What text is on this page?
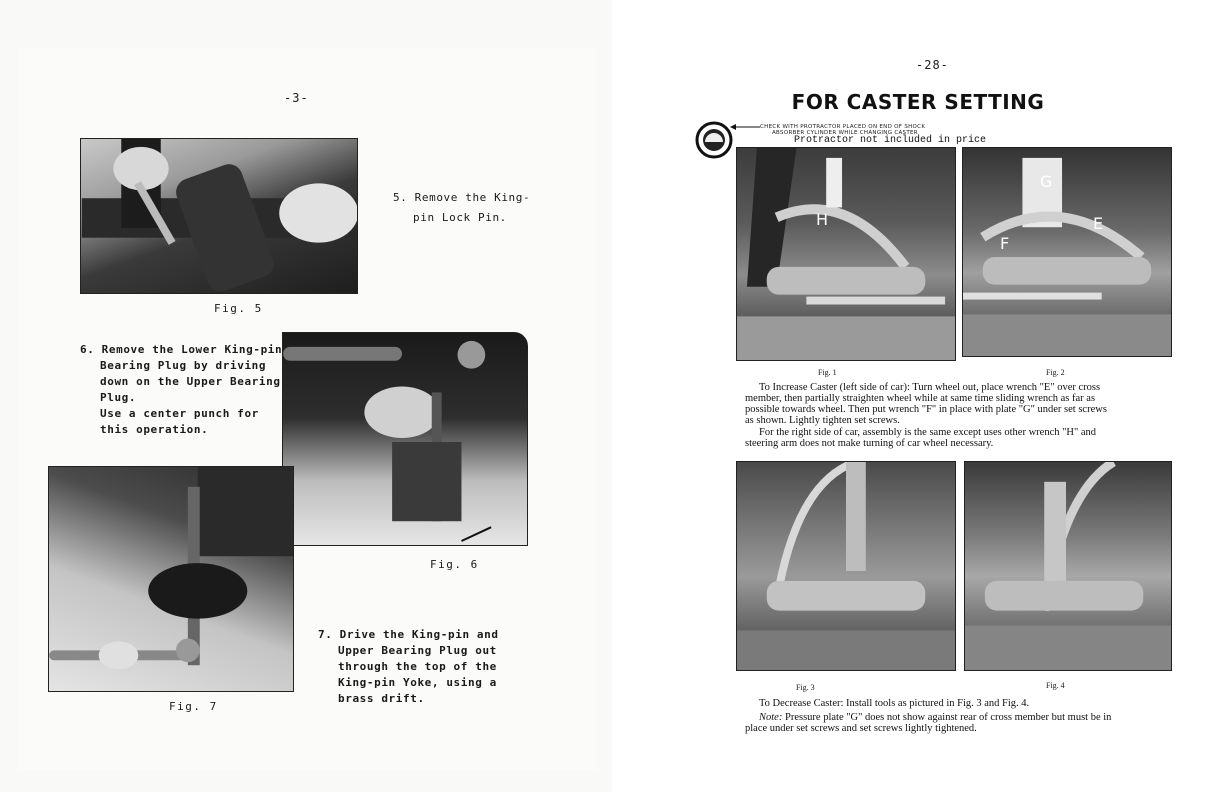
-3-
Fig. 5
5. Remove the King-
pin Lock Pin.
6. Remove the Lower King-pin
Bearing Plug by driving
down on the Upper Bearing
Plug.
Use a center punch for
this operation.
Fig. 6
Fig. 7
7. Drive the King-pin and
Upper Bearing Plug out
through the top of the
King-pin Yoke, using a
brass drift.
-28-
FOR CASTER SETTING
CHECK WITH PROTRACTOR PLACED ON END OF SHOCK
ABSORBER CYLINDER WHILE CHANGING CASTER
Protractor not included in price
H
Fig. 1
G
E
F
Fig. 2
To Increase Caster (left side of car): Turn wheel out, place wrench "E" over cross
member, then partially straighten wheel while at same time sliding wrench as far as
possible towards wheel. Then put wrench "F" in place with plate "G" under set screws
as shown. Lightly tighten set screws.
For the right side of car, assembly is the same except uses other wrench "H" and
steering arm does not make turning of car wheel necessary.
Fig. 3	Fig. 4
To Decrease Caster: Install tools as pictured in Fig. 3 and Fig. 4.
Note: Pressure plate "G" does not show against rear of cross member but must be in
place under set screws and set screws lightly tightened.
